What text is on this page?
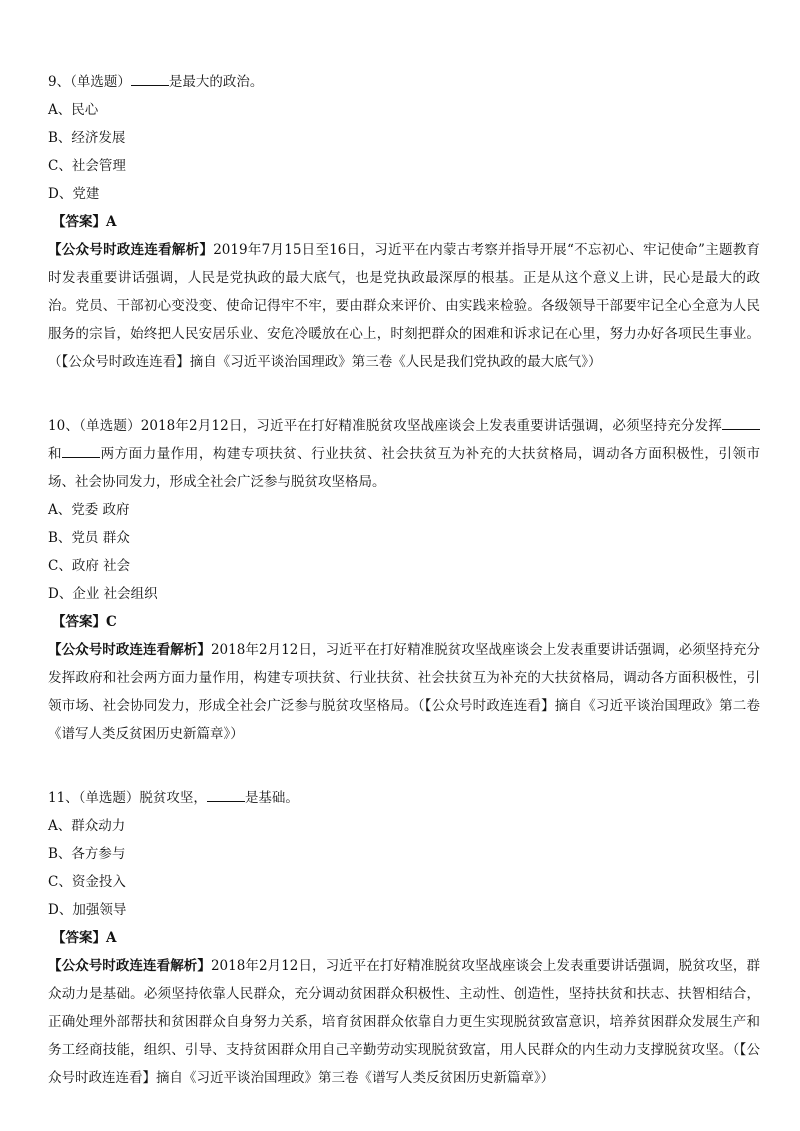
9、（单选题）	是最大的政治。
A、民心
B、经济发展
C、社会管理
D、党建
【答案】A
【公众号时政连连看解析】2019年7月15日至16日，习近平在内蒙古考察并指导开展“不忘初心、牢记使命”主题教育时发表重要讲话强调，人民是党执政的最大底气，也是党执政最深厚的根基。正是从这个意义上讲，民心是最大的政治。党员、干部初心变没变、使命记得牢不牢，要由群众来评价、由实践来检验。各级领导干部要牢记全心全意为人民服务的宗旨，始终把人民安居乐业、安危冷暖放在心上，时刻把群众的困难和诉求记在心里，努力办好各项民生事业。（【公众号时政连连看】摘自《习近平谈治国理政》第三卷《人民是我们党执政的最大底气》）
10、（单选题）2018年2月12日，习近平在打好精准脱贫攻坚战座谈会上发表重要讲话强调，必须坚持充分发挥和	两方面力量作用，构建专项扶贫、行业扶贫、社会扶贫互为补充的大扶贫格局，调动各方面积极性，引领市场、社会协同发力，形成全社会广泛参与脱贫攻坚格局。
A、党委 政府
B、党员 群众
C、政府 社会
D、企业 社会组织
【答案】C
【公众号时政连连看解析】2018年2月12日，习近平在打好精准脱贫攻坚战座谈会上发表重要讲话强调，必须坚持充分发挥政府和社会两方面力量作用，构建专项扶贫、行业扶贫、社会扶贫互为补充的大扶贫格局，调动各方面积极性，引领市场、社会协同发力，形成全社会广泛参与脱贫攻坚格局。（【公众号时政连连看】摘自《习近平谈治国理政》第二卷《谱写人类反贫困历史新篇章》）
11、（单选题）脱贫攻坚，	是基础。
A、群众动力
B、各方参与
C、资金投入
D、加强领导
【答案】A
【公众号时政连连看解析】2018年2月12日，习近平在打好精准脱贫攻坚战座谈会上发表重要讲话强调，脱贫攻坚，群众动力是基础。必须坚持依靠人民群众，充分调动贫困群众积极性、主动性、创造性，坚持扶贫和扶志、扶智相结合，正确处理外部帮扶和贫困群众自身努力关系，培育贫困群众依靠自力更生实现脱贫致富意识，培养贫困群众发展生产和务工经商技能，组织、引导、支持贫困群众用自己辛勤劳动实现脱贫致富，用人民群众的内生动力支撑脱贫攻坚。（【公众号时政连连看】摘自《习近平谈治国理政》第三卷《谱写人类反贫困历史新篇章》）
